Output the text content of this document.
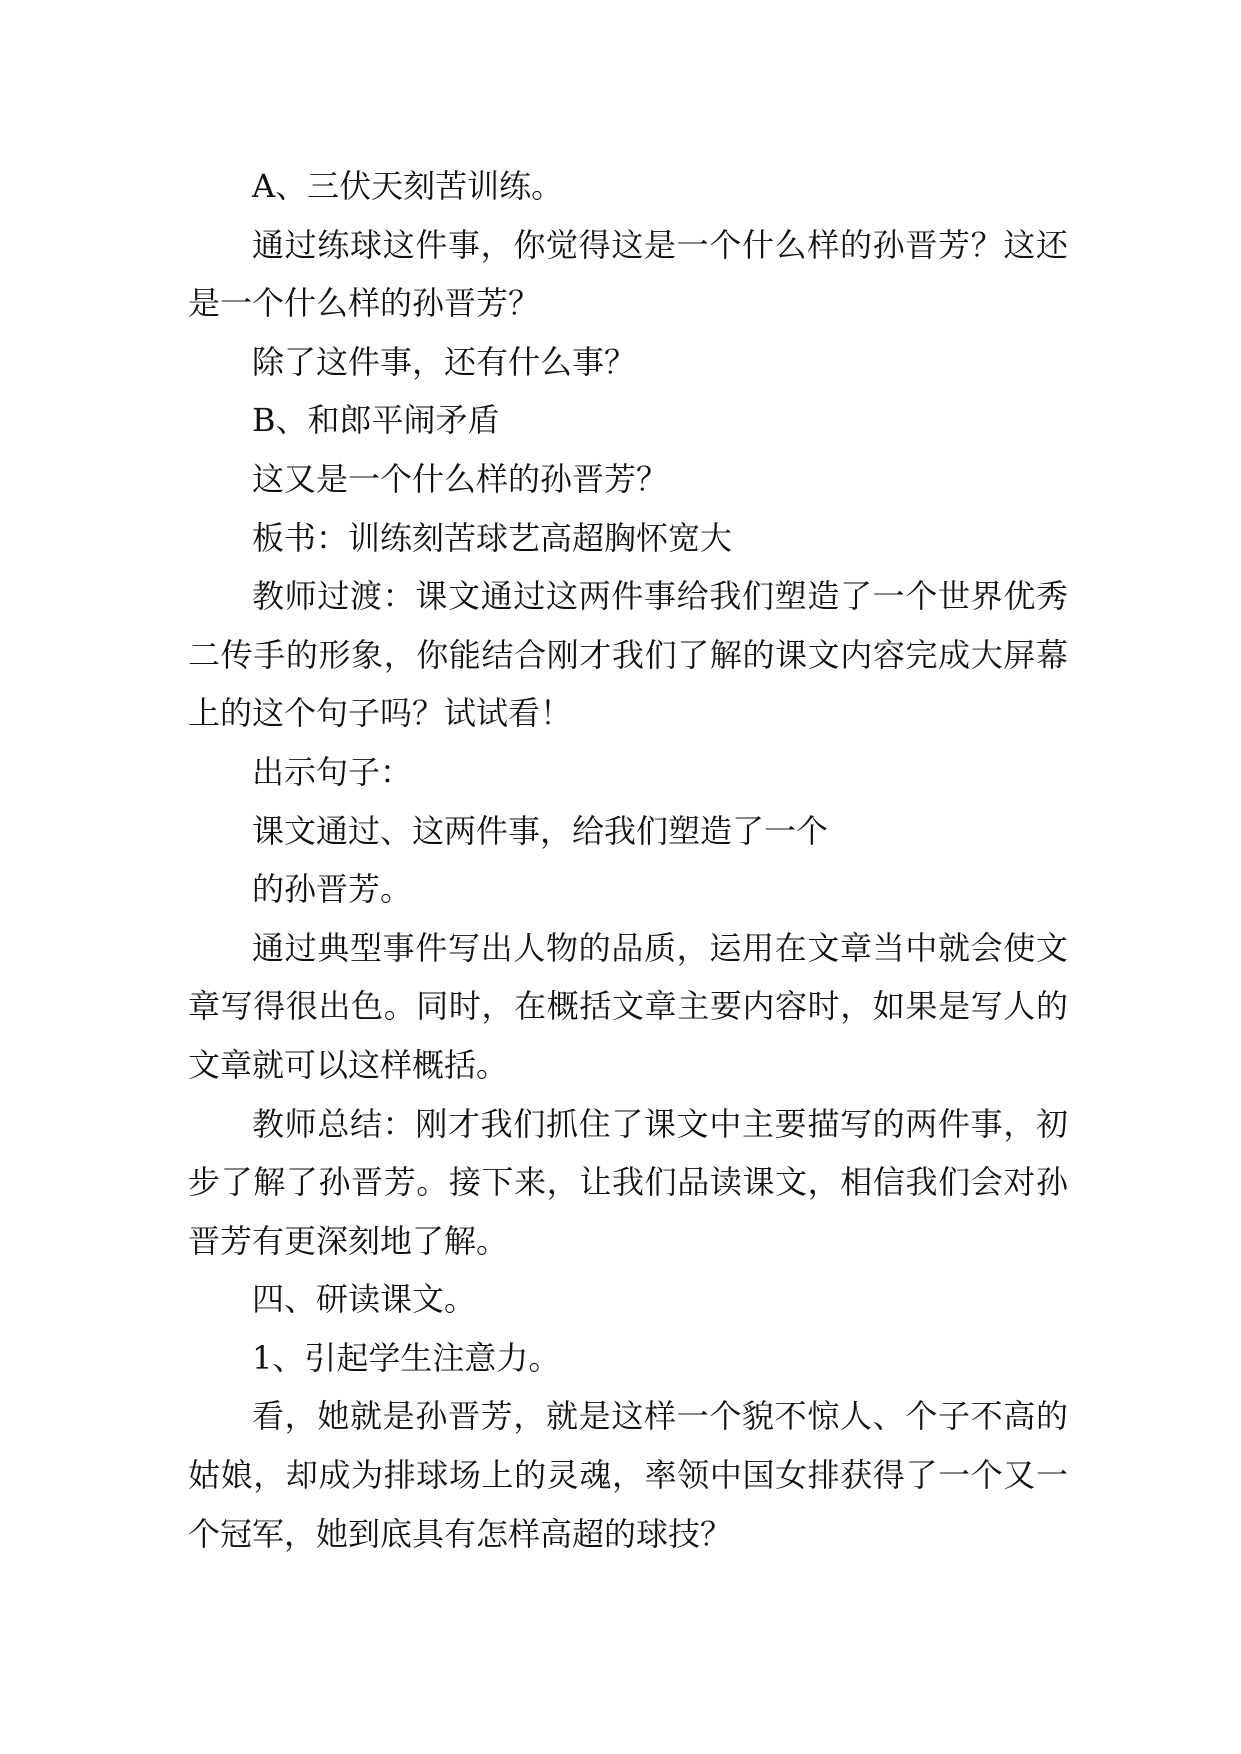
A、三伏天刻苦训练。

通过练球这件事，你觉得这是一个什么样的孙晋芳？这还是一个什么样的孙晋芳？

除了这件事，还有什么事？

B、和郎平闹矛盾

这又是一个什么样的孙晋芳？

板书：训练刻苦球艺高超胸怀宽大

教师过渡：课文通过这两件事给我们塑造了一个世界优秀二传手的形象，你能结合刚才我们了解的课文内容完成大屏幕上的这个句子吗？试试看！

出示句子：

课文通过、这两件事，给我们塑造了一个

的孙晋芳。

通过典型事件写出人物的品质，运用在文章当中就会使文章写得很出色。同时，在概括文章主要内容时，如果是写人的文章就可以这样概括。

教师总结：刚才我们抓住了课文中主要描写的两件事，初步了解了孙晋芳。接下来，让我们品读课文，相信我们会对孙晋芳有更深刻地了解。

四、研读课文。

1、引起学生注意力。

看，她就是孙晋芳，就是这样一个貌不惊人、个子不高的姑娘，却成为排球场上的灵魂，率领中国女排获得了一个又一个冠军，她到底具有怎样高超的球技？
